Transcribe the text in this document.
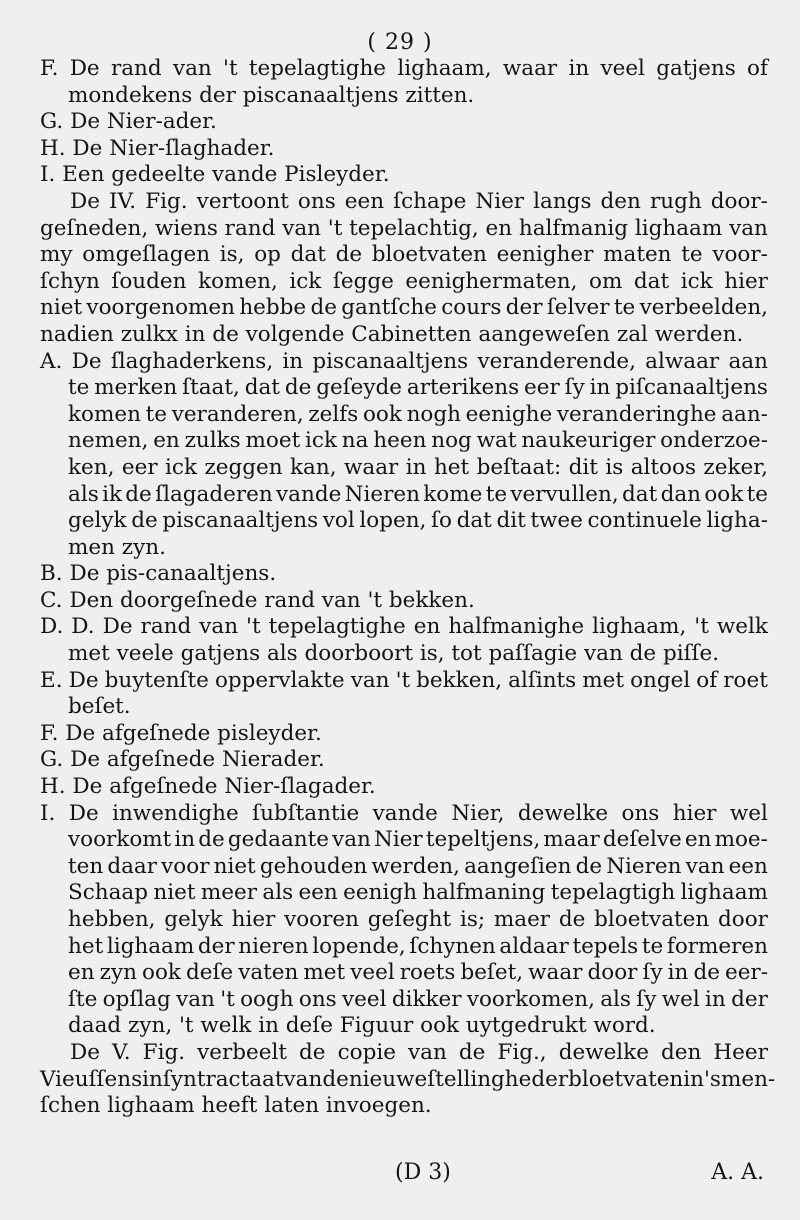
( 29 )
F. De rand van 't tepelagtighe lighaam, waar in veel gatjens of
mondekens der piscanaaltjens zitten.
G. De Nier-ader.
H. De Nier-ſlaghader.
I. Een gedeelte vande Pisleyder.
De IV. Fig. vertoont ons een ſchape Nier langs den rugh door-
geſneden, wiens rand van 't tepelachtig, en halfmanig lighaam van
my omgeſlagen is, op dat de bloetvaten eenigher maten te voor-
ſchyn ſouden komen, ick ſegge eenighermaten, om dat ick hier
niet voorgenomen hebbe de gantſche cours der ſelver te verbeelden,
nadien zulkx in de volgende Cabinetten aangeweſen zal werden.
A. De ſlaghaderkens, in piscanaaltjens veranderende, alwaar aan
te merken ſtaat, dat de geſeyde arterikens eer ſy in piſcanaaltjens
komen te veranderen, zelfs ook nogh eenighe veranderinghe aan-
nemen, en zulks moet ick na heen nog wat naukeuriger onderzoe-
ken, eer ick zeggen kan, waar in het beſtaat: dit is altoos zeker,
als ik de ſlagaderen vande Nieren kome te vervullen, dat dan ook te
gelyk de piscanaaltjens vol lopen, ſo dat dit twee continuele ligha-
men zyn.
B. De pis-canaaltjens.
C. Den doorgeſnede rand van 't bekken.
D. D. De rand van 't tepelagtighe en halfmanighe lighaam, 't welk
met veele gatjens als doorboort is, tot paſſagie van de piſſe.
E. De buytenſte oppervlakte van 't bekken, alſints met ongel of roet
beſet.
F. De afgeſnede pisleyder.
G. De afgeſnede Nierader.
H. De afgeſnede Nier-ſlagader.
I. De inwendighe ſubſtantie vande Nier, dewelke ons hier wel
voorkomt in de gedaante van Nier tepeltjens, maar deſelve en moe-
ten daar voor niet gehouden werden, aangeſien de Nieren van een
Schaap niet meer als een eenigh halfmaning tepelagtigh lighaam
hebben, gelyk hier vooren geſeght is; maer de bloetvaten door
het lighaam der nieren lopende, ſchynen aldaar tepels te formeren
en zyn ook deſe vaten met veel roets beſet, waar door ſy in de eer-
ſte opſlag van 't oogh ons veel dikker voorkomen, als ſy wel in der
daad zyn, 't welk in deſe Figuur ook uytgedrukt word.
De V. Fig. verbeelt de copie van de Fig., dewelke den Heer
Vieuſſens in ſyn tractaat van de nieuwe ſtellinghe der bloetvaten in 's men-
ſchen lighaam heeft laten invoegen.
(D 3)	A. A.
